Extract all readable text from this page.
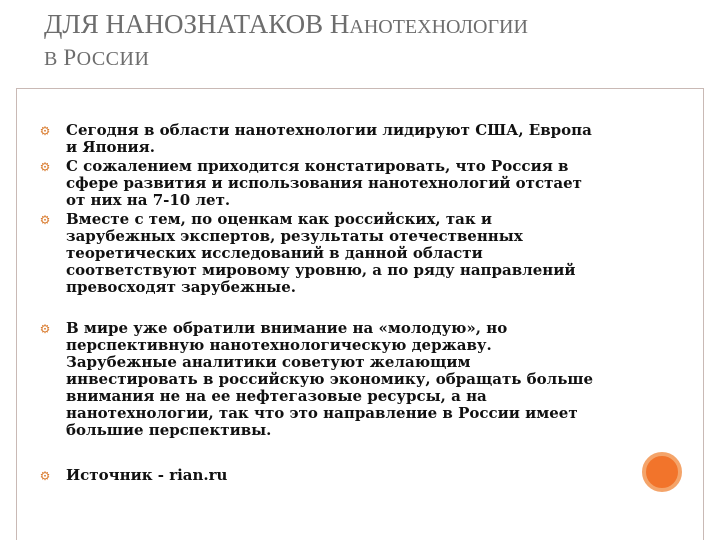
ДЛЯ НАНОЗНАТАКОВ НАНОТЕХНОЛОГИИ
В РОССИИ

⚙ Сегодня в области нанотехнологии лидируют США, Европа и Япония.

⚙ С сожалением приходится констатировать, что Россия в сфере развития и использования нанотехнологий отстает от них на 7-10 лет.

⚙ Вместе с тем, по оценкам как российских, так и зарубежных экспертов, результаты отечественных теоретических исследований в данной области соответствуют мировому уровню, а по ряду направлений превосходят зарубежные.

⚙ В мире уже обратили внимание на «молодую», но перспективную нанотехнологическую державу. Зарубежные аналитики советуют желающим инвестировать в российскую экономику, обращать больше внимания не на ее нефтегазовые ресурсы, а на нанотехнологии, так что это направление в России имеет большие перспективы.

⚙ Источник - rian.ru
